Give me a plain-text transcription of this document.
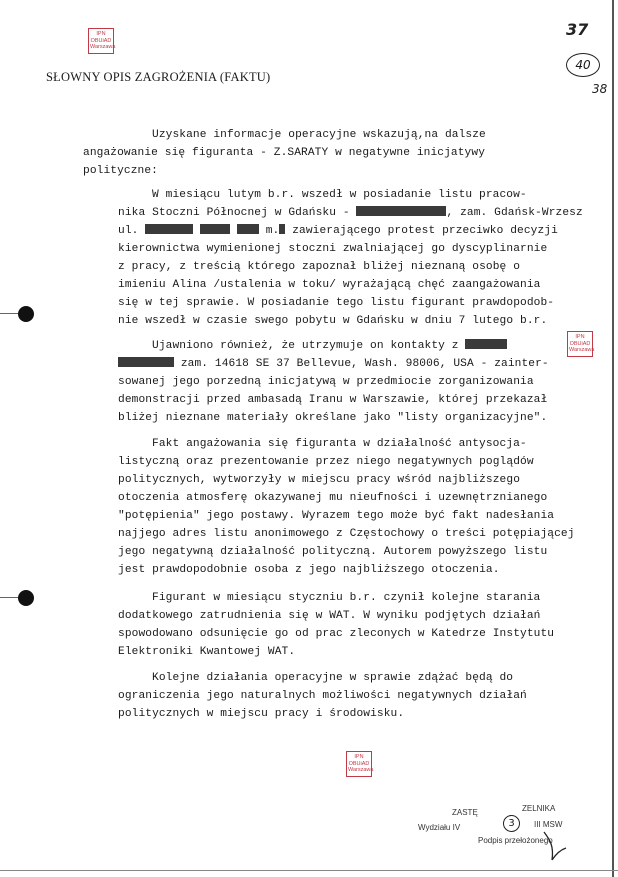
IPN
OBUiAD
Warszawa
IPN
OBUiAD
Warszawa
IPN
OBUiAD
Warszawa
37
40
38
SŁOWNY OPIS ZAGROŻENIA (FAKTU)
Uzyskane informacje operacyjne wskazują,na dalsze
angażowanie się figuranta - Z.SARATY w negatywne inicjatywy
polityczne:
W miesiącu lutym b.r. wszedł w posiadanie listu pracow-
nika Stoczni Północnej w Gdańsku -	, zam. Gdańsk-Wrzesz
ul.	m. zawierającego protest przeciwko decyzji
kierownictwa wymienionej stoczni zwalniającej go dyscyplinarnie
z pracy, z treścią którego zapoznał bliżej nieznaną osobę o
imieniu Alina /ustalenia w toku/ wyrażającą chęć zaangażowania
się w tej sprawie. W posiadanie tego listu figurant prawdopodob-
nie wszedł w czasie swego pobytu w Gdańsku w dniu 7 lutego b.r.
Ujawniono również, że utrzymuje on kontakty z
zam. 14618 SE 37 Bellevue, Wash. 98006, USA - zainter-
sowanej jego porzedną inicjatywą w przedmiocie zorganizowania
demonstracji przed ambasadą Iranu w Warszawie, której przekazał
bliżej nieznane materiały określane jako "listy organizacyjne".
Fakt angażowania się figuranta w działalność antysocja-
listyczną oraz prezentowanie przez niego negatywnych poglądów
politycznych, wytworzyły w miejscu pracy wśród najbliższego
otoczenia atmosferę okazywanej mu nieufności i uzewnętrznianego
"potępienia" jego postawy. Wyrazem tego może być fakt nadesłania
najjego adres listu anonimowego z Częstochowy o treści potępiającej
jego negatywną działalność polityczną. Autorem powyższego listu
jest prawdopodobnie osoba z jego najbliższego otoczenia.
Figurant w miesiącu styczniu b.r. czynił kolejne starania
dodatkowego zatrudnienia się w WAT. W wyniku podjętych działań
spowodowano odsunięcie go od prac zleconych w Katedrze Instytutu
Elektroniki Kwantowej WAT.
Kolejne działania operacyjne w sprawie zdążać będą do
ograniczenia jego naturalnych możliwości negatywnych działań
politycznych w miejscu pracy i środowisku.
ZASTĘ	ZELNIKA
Wydziału IV	III MSW
3
Podpis przełożonego
